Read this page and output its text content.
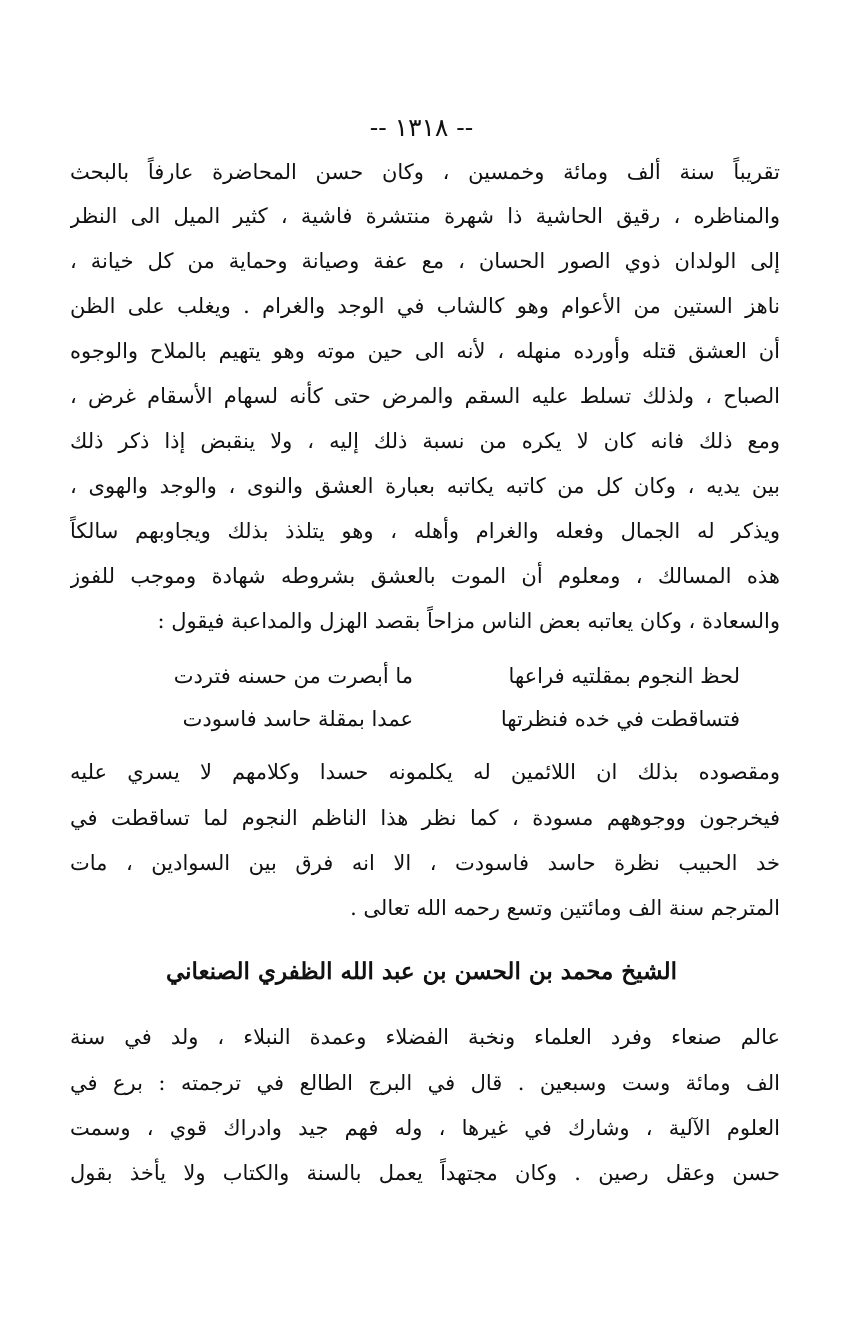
-- ١٣١٨ --
تقريباً سنة ألف ومائة وخمسين ، وكان حسن المحاضرة عارفاً بالبحث
والمناظره ، رقيق الحاشية ذا شهرة منتشرة فاشية ، كثير الميل الى النظر
إلى الولدان ذوي الصور الحسان ، مع عفة وصيانة وحماية من كل خيانة ،
ناهز الستين من الأعوام وهو كالشاب في الوجد والغرام . ويغلب على الظن
أن العشق قتله وأورده منهله ، لأنه الى حين موته وهو يتهيم بالملاح والوجوه
الصباح ، ولذلك تسلط عليه السقم والمرض حتى كأنه لسهام الأسقام غرض ،
ومع ذلك فانه كان لا يكره من نسبة ذلك إليه ، ولا ينقبض إذا ذكر ذلك
بين يديه ، وكان كل من كاتبه يكاتبه بعبارة العشق والنوى ، والوجد والهوى ،
ويذكر له الجمال وفعله والغرام وأهله ، وهو يتلذذ بذلك ويجاوبهم سالكاً
هذه المسالك ، ومعلوم أن الموت بالعشق بشروطه شهادة وموجب للفوز
والسعادة ، وكان يعاتبه بعض الناس مزاحاً بقصد الهزل والمداعبة فيقول :
لحظ النجوم بمقلتيه فراعها
ما أبصرت من حسنه فتردت
فتساقطت في خده فنظرتها
عمدا بمقلة حاسد فاسودت
ومقصوده بذلك ان اللائمين له يكلمونه حسدا وكلامهم لا يسري عليه
فيخرجون ووجوههم مسودة ، كما نظر هذا الناظم النجوم لما تساقطت في
خد الحبيب نظرة حاسد فاسودت ، الا انه فرق بين السوادين ، مات
المترجم سنة الف ومائتين وتسع رحمه الله تعالى .
الشيخ محمد بن الحسن بن عبد الله الظفري الصنعاني
عالم صنعاء وفرد العلماء ونخبة الفضلاء وعمدة النبلاء ، ولد في سنة
الف ومائة وست وسبعين . قال في البرج الطالع في ترجمته : برع في
العلوم الآلية ، وشارك في غيرها ، وله فهم جيد وادراك قوي ، وسمت
حسن وعقل رصين . وكان مجتهداً يعمل بالسنة والكتاب ولا يأخذ بقول
